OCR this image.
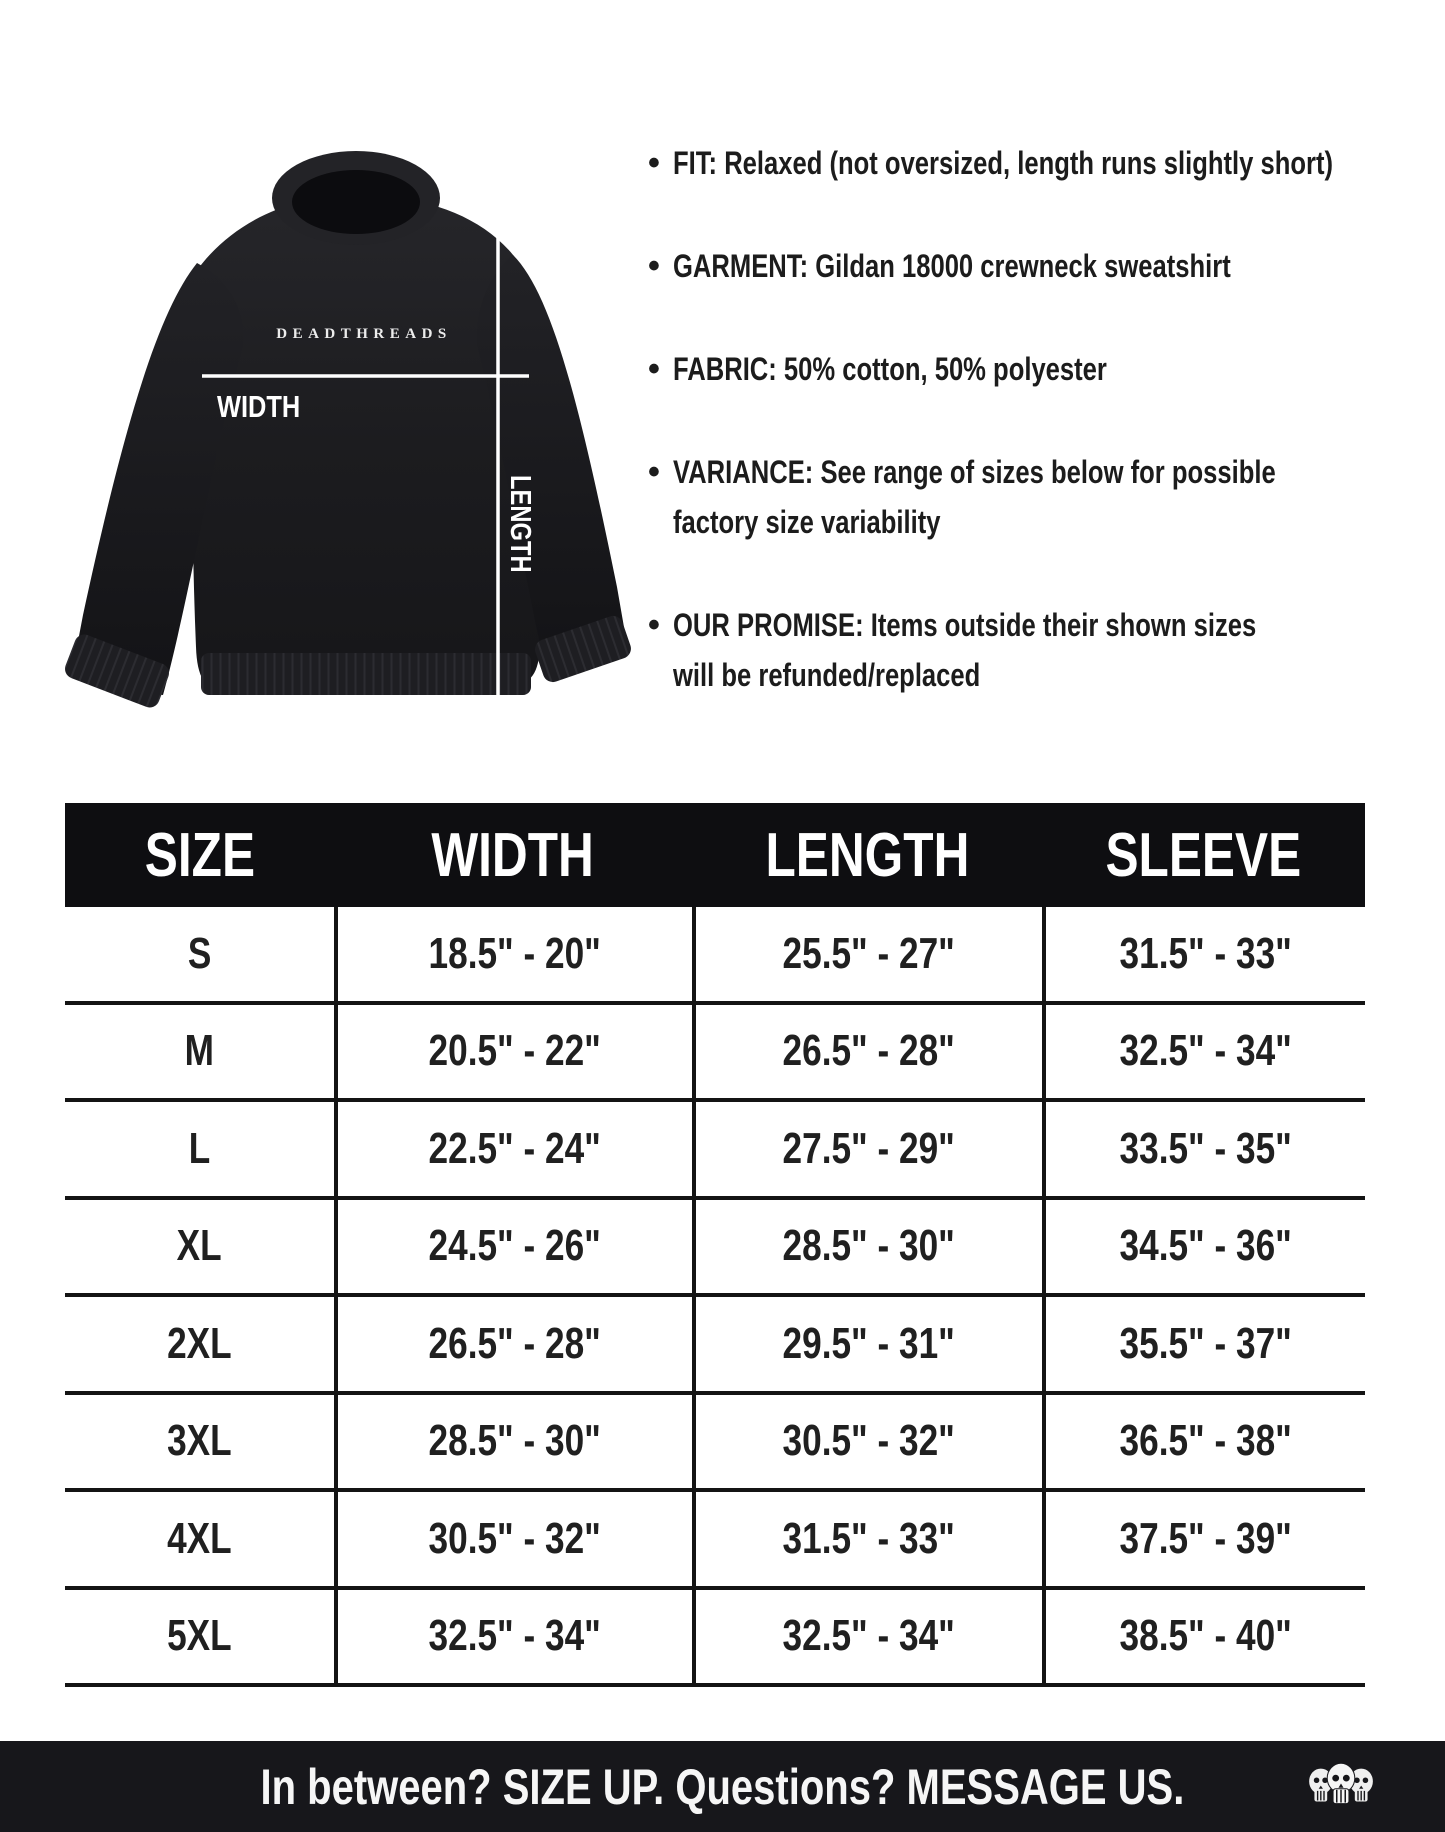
DEADTHREADS
WIDTH
LENGTH
• FIT: Relaxed (not oversized, length runs slightly short)
• GARMENT: Gildan 18000 crewneck sweatshirt
• FABRIC: 50% cotton, 50% polyester
• VARIANCE: See range of sizes below for possible
factory size variability
• OUR PROMISE: Items outside their shown sizes
will be refunded/replaced
SIZE	WIDTH	LENGTH	SLEEVE
S	18.5" - 20"	25.5" - 27"	31.5" - 33"
M	20.5" - 22"	26.5" - 28"	32.5" - 34"
L	22.5" - 24"	27.5" - 29"	33.5" - 35"
XL	24.5" - 26"	28.5" - 30"	34.5" - 36"
2XL	26.5" - 28"	29.5" - 31"	35.5" - 37"
3XL	28.5" - 30"	30.5" - 32"	36.5" - 38"
4XL	30.5" - 32"	31.5" - 33"	37.5" - 39"
5XL	32.5" - 34"	32.5" - 34"	38.5" - 40"
In between? SIZE UP. Questions? MESSAGE US.
